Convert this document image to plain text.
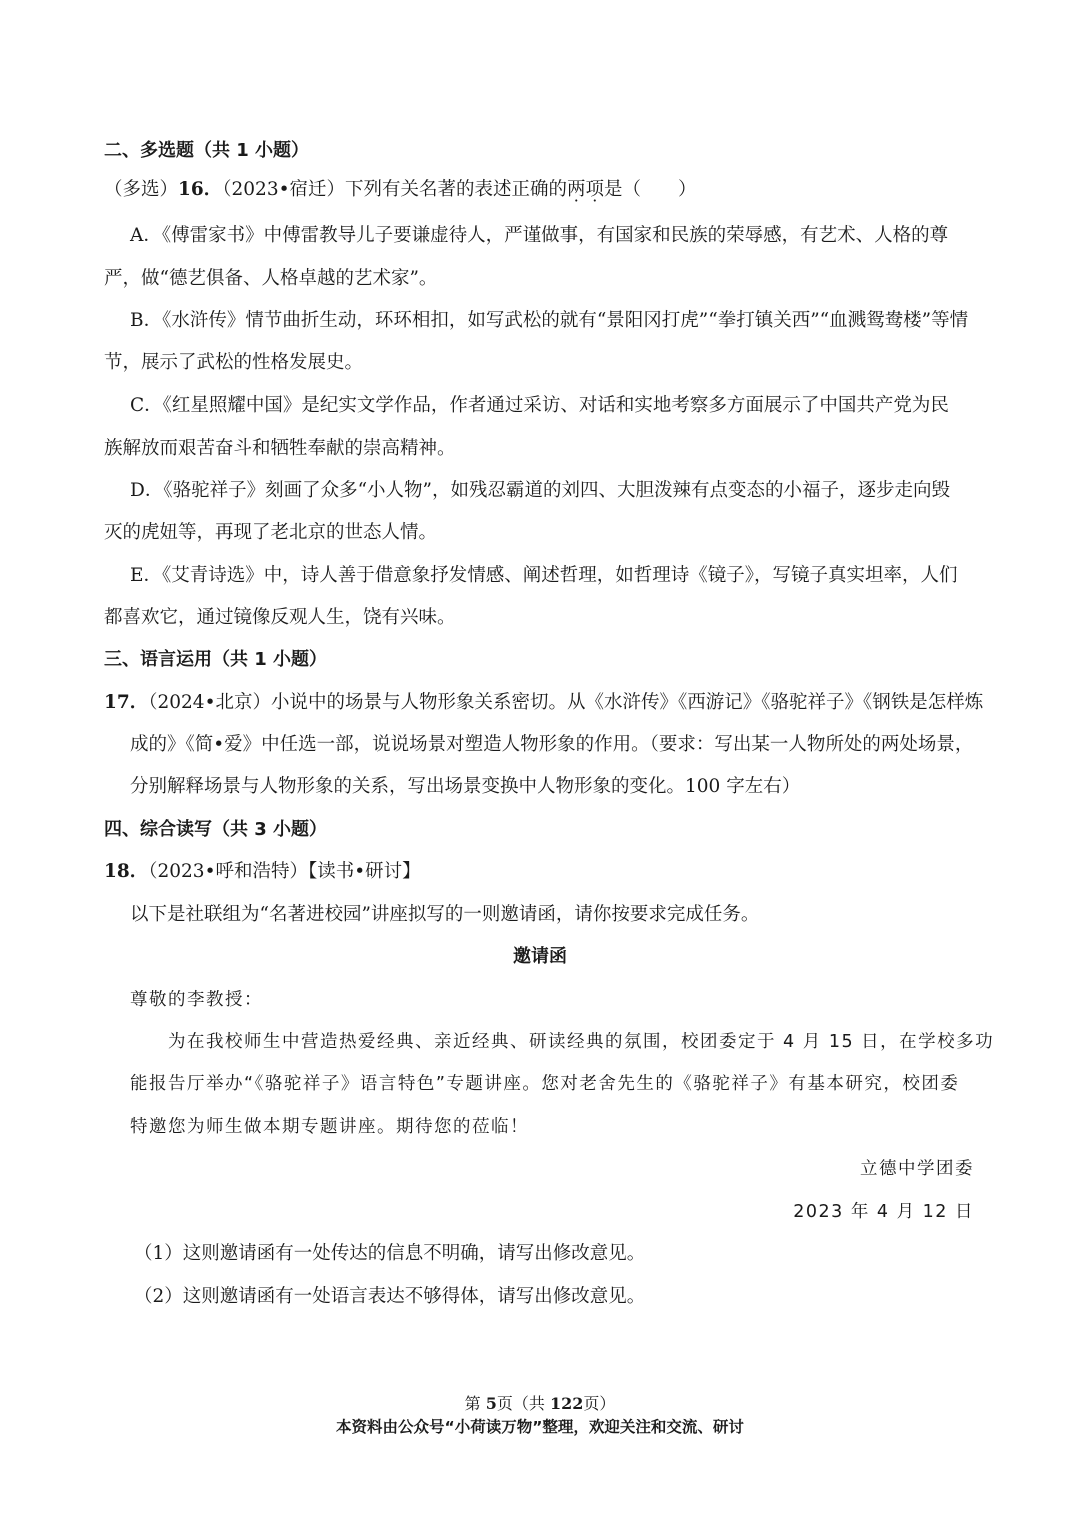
二、多选题（共 1 小题）
（多选）16．（2023•宿迁）下列有关名著的表述正确的两项是（　　）
A．《傅雷家书》中傅雷教导儿子要谦虚待人，严谨做事，有国家和民族的荣辱感，有艺术、人格的尊
严，做“德艺俱备、人格卓越的艺术家”。
B．《水浒传》情节曲折生动，环环相扣，如写武松的就有“景阳冈打虎”“拳打镇关西”“血溅鸳鸯楼”等情
节，展示了武松的性格发展史。
C．《红星照耀中国》是纪实文学作品，作者通过采访、对话和实地考察多方面展示了中国共产党为民
族解放而艰苦奋斗和牺牲奉献的崇高精神。
D．《骆驼祥子》刻画了众多“小人物”，如残忍霸道的刘四、大胆泼辣有点变态的小福子，逐步走向毁
灭的虎妞等，再现了老北京的世态人情。
E．《艾青诗选》中，诗人善于借意象抒发情感、阐述哲理，如哲理诗《镜子》，写镜子真实坦率，人们
都喜欢它，通过镜像反观人生，饶有兴味。
三、语言运用（共 1 小题）
17．（2024•北京）小说中的场景与人物形象关系密切。从《水浒传》《西游记》《骆驼祥子》《钢铁是怎样炼
成的》《简•爱》中任选一部，说说场景对塑造人物形象的作用。（要求：写出某一人物所处的两处场景，
分别解释场景与人物形象的关系，写出场景变换中人物形象的变化。100 字左右）
四、综合读写（共 3 小题）
18．（2023•呼和浩特）【读书•研讨】
以下是社联组为“名著进校园”讲座拟写的一则邀请函，请你按要求完成任务。
邀请函
尊敬的李教授：
为在我校师生中营造热爱经典、亲近经典、研读经典的氛围，校团委定于 4 月 15 日，在学校多功
能报告厅举办“《骆驼祥子》语言特色”专题讲座。您对老舍先生的《骆驼祥子》有基本研究，校团委
特邀您为师生做本期专题讲座。期待您的莅临！
立德中学团委
2023 年 4 月 12 日
（1）这则邀请函有一处传达的信息不明确，请写出修改意见。
（2）这则邀请函有一处语言表达不够得体，请写出修改意见。
第 5页（共 122页）
本资料由公众号“小荷读万物”整理，欢迎关注和交流、研讨
